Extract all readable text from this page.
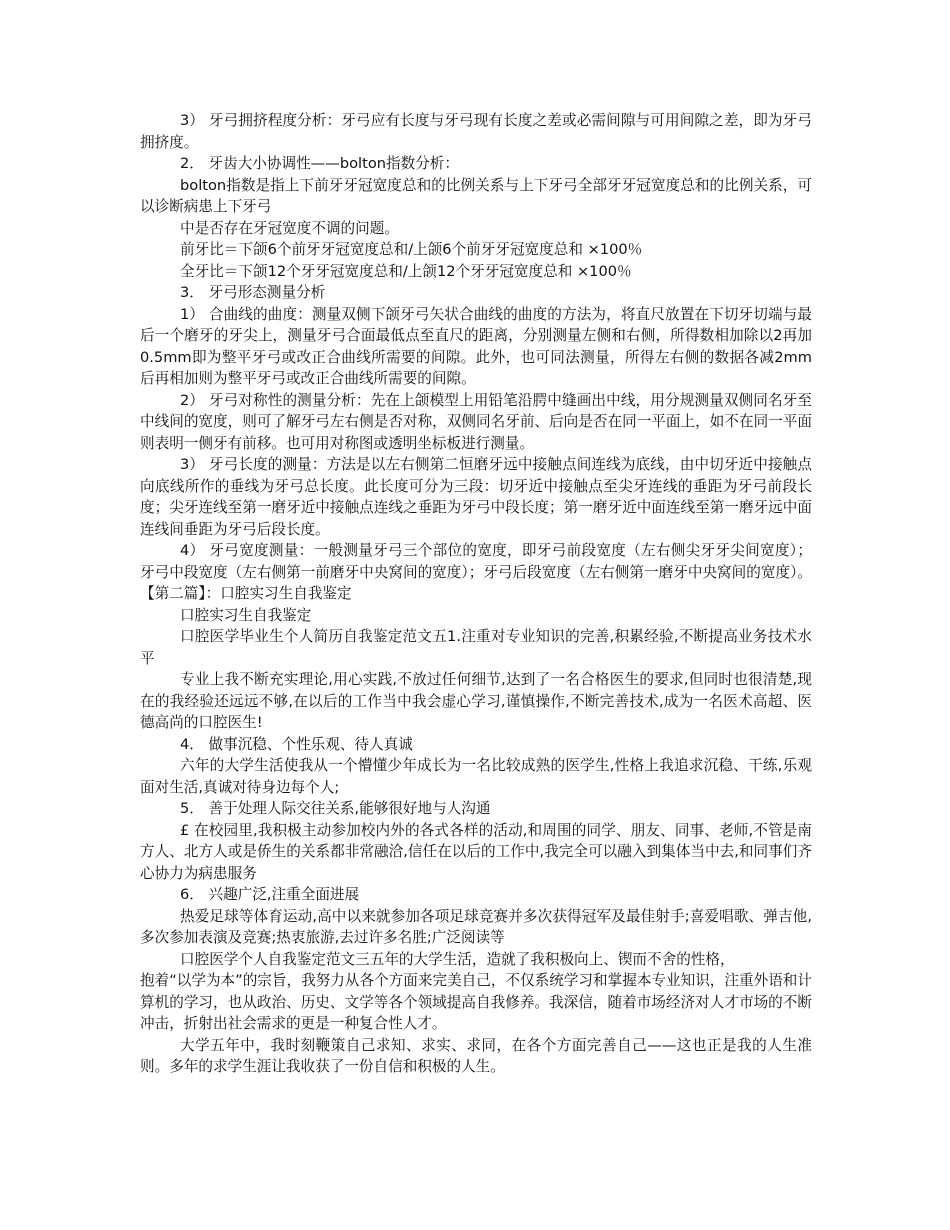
3） 牙弓拥挤程度分析：牙弓应有长度与牙弓现有长度之差或必需间隙与可用间隙之差，即为牙弓拥挤度。

2． 牙齿大小协调性——bolton指数分析：

bolton指数是指上下前牙牙冠宽度总和的比例关系与上下牙弓全部牙牙冠宽度总和的比例关系，可以诊断病患上下牙弓

中是否存在牙冠宽度不调的问题。

前牙比＝下颌6个前牙牙冠宽度总和/上颌6个前牙牙冠宽度总和 ×100％

全牙比＝下颌12个牙牙冠宽度总和/上颌12个牙牙冠宽度总和 ×100％

3． 牙弓形态测量分析

1） 合曲线的曲度：测量双侧下颌牙弓矢状合曲线的曲度的方法为，将直尺放置在下切牙切端与最后一个磨牙的牙尖上，测量牙弓合面最低点至直尺的距离，分别测量左侧和右侧，所得数相加除以2再加0.5mm即为整平牙弓或改正合曲线所需要的间隙。此外，也可同法测量，所得左右侧的数据各减2mm后再相加则为整平牙弓或改正合曲线所需要的间隙。

2） 牙弓对称性的测量分析：先在上颌模型上用铅笔沿腭中缝画出中线，用分规测量双侧同名牙至中线间的宽度，则可了解牙弓左右侧是否对称，双侧同名牙前、后向是否在同一平面上，如不在同一平面则表明一侧牙有前移。也可用对称图或透明坐标板进行测量。

3） 牙弓长度的测量：方法是以左右侧第二恒磨牙远中接触点间连线为底线，由中切牙近中接触点向底线所作的垂线为牙弓总长度。此长度可分为三段：切牙近中接触点至尖牙连线的垂距为牙弓前段长度；尖牙连线至第一磨牙近中接触点连线之垂距为牙弓中段长度；第一磨牙近中面连线至第一磨牙远中面连线间垂距为牙弓后段长度。

4） 牙弓宽度测量：一般测量牙弓三个部位的宽度，即牙弓前段宽度（左右侧尖牙牙尖间宽度）；牙弓中段宽度（左右侧第一前磨牙中央窝间的宽度）；牙弓后段宽度（左右侧第一磨牙中央窝间的宽度）。【第二篇】：口腔实习生自我鉴定

口腔实习生自我鉴定

口腔医学毕业生个人简历自我鉴定范文五1.注重对专业知识的完善,积累经验,不断提高业务技术水平

专业上我不断充实理论,用心实践,不放过任何细节,达到了一名合格医生的要求,但同时也很清楚,现在的我经验还远远不够,在以后的工作当中我会虚心学习,谨慎操作,不断完善技术,成为一名医术高超、医德高尚的口腔医生!

4． 做事沉稳、个性乐观、待人真诚

六年的大学生活使我从一个懵懂少年成长为一名比较成熟的医学生,性格上我追求沉稳、干练,乐观面对生活,真诚对待身边每个人;

5． 善于处理人际交往关系,能够很好地与人沟通

£ 在校园里,我积极主动参加校内外的各式各样的活动,和周围的同学、朋友、同事、老师,不管是南方人、北方人或是侨生的关系都非常融洽,信任在以后的工作中,我完全可以融入到集体当中去,和同事们齐心协力为病患服务

6． 兴趣广泛,注重全面进展

热爱足球等体育运动,高中以来就参加各项足球竞赛并多次获得冠军及最佳射手;喜爱唱歌、弹吉他,多次参加表演及竞赛;热衷旅游,去过许多名胜;广泛阅读等

口腔医学个人自我鉴定范文三五年的大学生活，造就了我积极向上、锲而不舍的性格，

抱着“以学为本”的宗旨，我努力从各个方面来完美自己，不仅系统学习和掌握本专业知识，注重外语和计算机的学习，也从政治、历史、文学等各个领域提高自我修养。我深信，随着市场经济对人才市场的不断冲击，折射出社会需求的更是一种复合性人才。

大学五年中，我时刻鞭策自己求知、求实、求同，在各个方面完善自己——这也正是我的人生准则。多年的求学生涯让我收获了一份自信和积极的人生。
